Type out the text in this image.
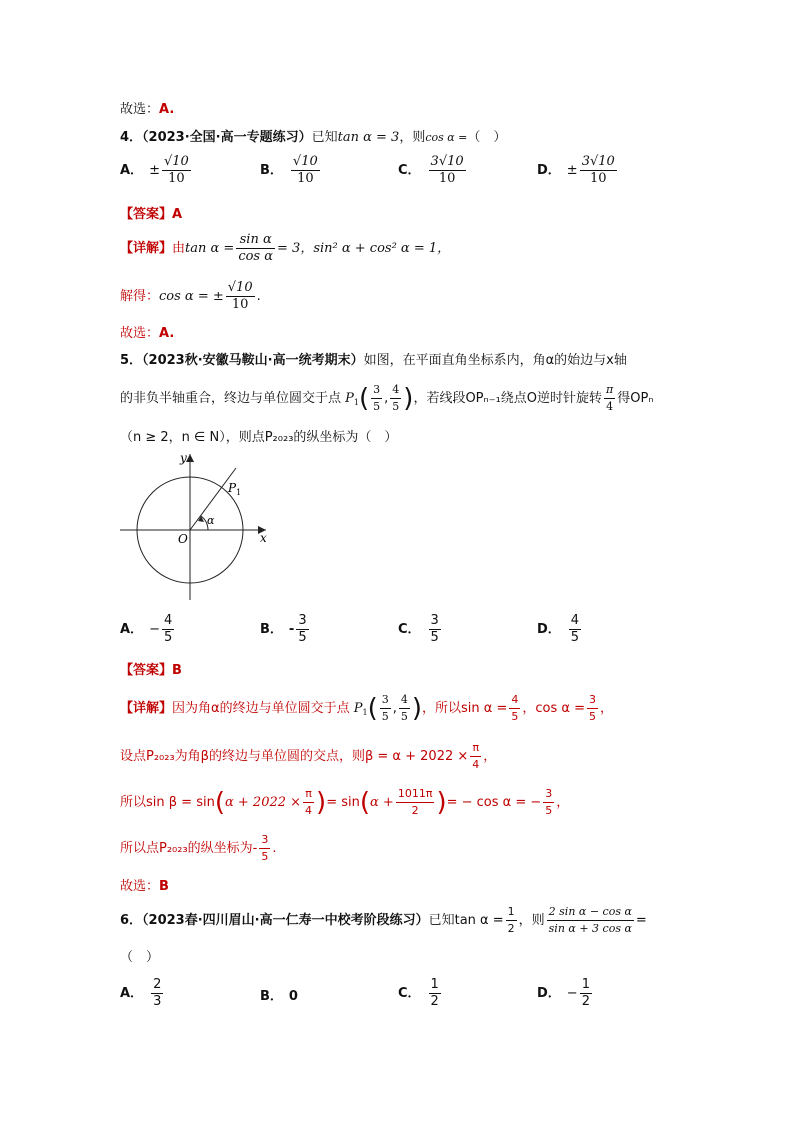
故选：A.
4．（2023·全国·高一专题练习）已知tan α = 3，则cos α =（　）
A． ± $\frac{√10}{10}$	B． $\frac{√10}{10}$	C． $\frac{3√10}{10}$	D． ± $\frac{3√10}{10}$
【答案】A
【详解】由$\tan \alpha = \frac{\text{sin α}}{\text{cos α}} = 3$，sin² α + cos² α = 1，
解得：cos α = ± $\frac{√10}{10}$ .
故选：A.
5．（2023秋·安徽马鞍山·高一统考期末）如图，在平面直角坐标系内，角α的始边与x轴
的非负半轴重合，终边与单位圆交于点 $P_1( \frac{3}{5}$ , $\frac{4}{5}$ )，若线段OPₙ₋₁绕点O逆时针旋转 $\frac{\pi}{4}$ 得OPₙ
（n ≥ 2，n ∈ N），则点P₂₀₂₃的纵坐标为（　）
y
x
O
$P_1$
α
A． − $\frac{4}{5}$	B． - $\frac{3}{5}$	C． $\frac{3}{5}$	D． $\frac{4}{5}$
【答案】B
【详解】因为角α的终边与单位圆交于点 $P_1( \frac{3}{5}$ , $\frac{4}{5}$ )，所以$\sin \alpha = \frac{4}{5}$ ，$\cos \alpha = \frac{3}{5}$ ，
设点P₂₀₂₃为角β的终边与单位圆的交点，则$\beta = \alpha + 2022 \times \frac{\pi}{4}$ ，
所以$\sin \beta = \sin(\alpha + 2022 \times \frac{\pi}{4}$ )= $\sin(\alpha + \frac{1011\pi}{2}$ )= − cos α = − $\frac{3}{5}$ ，
所以点P₂₀₂₃的纵坐标为- $\frac{3}{5}$ .
故选：B
6．（2023春·四川眉山·高一仁寿一中校考阶段练习）已知$\tan \alpha = \frac{1}{2}$ ，则 $\frac{\text{2 sin α − cos α}}{\text{sin α + 3 cos α}}$ =
（　）
A． $\frac{2}{3}$	B． 0	C． $\frac{1}{2}$	D． − $\frac{1}{2}$
